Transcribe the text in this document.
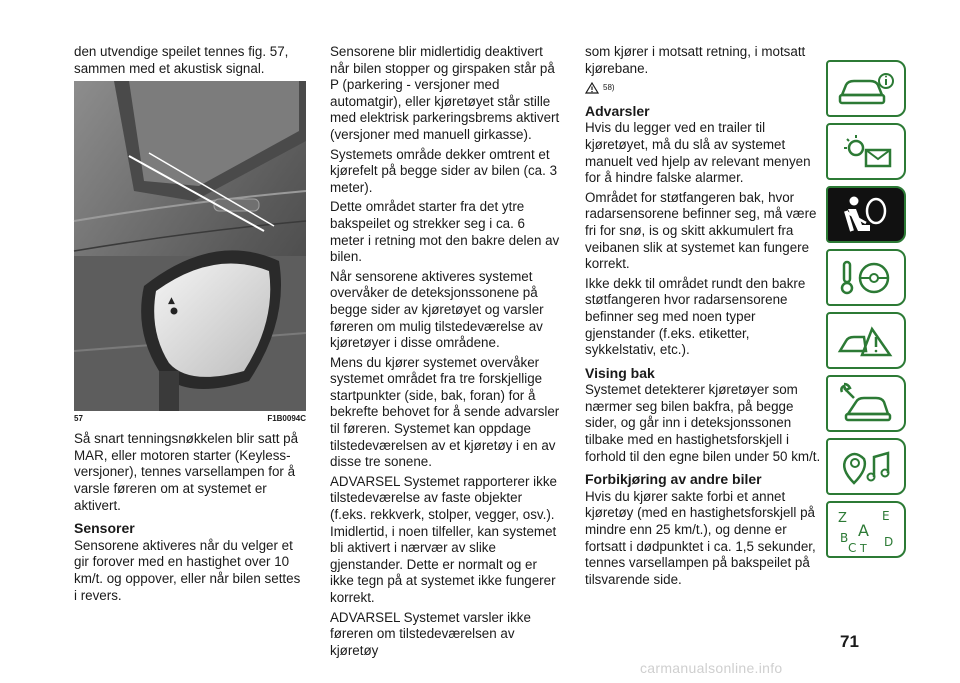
den utvendige speilet tennes fig. 57, sammen med et akustisk signal.

▲
57	F1B0094C

Så snart tenningsnøkkelen blir satt på MAR, eller motoren starter (Keyless-versjoner), tennes varsellampen for å varsle føreren om at systemet er aktivert.

Sensorer

Sensorene aktiveres når du velger et gir forover med en hastighet over 10 km/t. og oppover, eller når bilen settes i revers.

Sensorene blir midlertidig deaktivert når bilen stopper og girspaken står på P (parkering - versjoner med automatgir), eller kjøretøyet står stille med elektrisk parkeringsbrems aktivert (versjoner med manuell girkasse).

Systemets område dekker omtrent et kjørefelt på begge sider av bilen (ca. 3 meter).

Dette området starter fra det ytre bakspeilet og strekker seg i ca. 6 meter i retning mot den bakre delen av bilen.

Når sensorene aktiveres systemet overvåker de deteksjonssonene på begge sider av kjøretøyet og varsler føreren om mulig tilstedeværelse av kjøretøyer i disse områdene.

Mens du kjører systemet overvåker systemet området fra tre forskjellige startpunkter (side, bak, foran) for å bekrefte behovet for å sende advarsler til føreren. Systemet kan oppdage tilstedeværelsen av et kjøretøy i en av disse tre sonene.

ADVARSEL Systemet rapporterer ikke tilstedeværelse av faste objekter (f.eks. rekkverk, stolper, vegger, osv.). Imidlertid, i noen tilfeller, kan systemet bli aktivert i nærvær av slike gjenstander. Dette er normalt og er ikke tegn på at systemet ikke fungerer korrekt.

ADVARSEL Systemet varsler ikke føreren om tilstedeværelsen av kjøretøy

som kjører i motsatt retning, i motsatt kjørebane.

58)
Advarsler

Hvis du legger ved en trailer til kjøretøyet, må du slå av systemet manuelt ved hjelp av relevant menyen for å hindre falske alarmer.

Området for støtfangeren bak, hvor radarsensorene befinner seg, må være fri for snø, is og skitt akkumulert fra veibanen slik at systemet kan fungere korrekt.

Ikke dekk til området rundt den bakre støtfangeren hvor radarsensorene befinner seg med noen typer gjenstander (f.eks. etiketter, sykkelstativ, etc.).

Vising bak

Systemet detekterer kjøretøyer som nærmer seg bilen bakfra, på begge sider, og går inn i deteksjonssonen tilbake med en hastighetsforskjell i forhold til den egne bilen under 50 km/t.

Forbikjøring av andre biler

Hvis du kjører sakte forbi et annet kjøretøy (med en hastighetsforskjell på mindre enn 25 km/t.), og denne er fortsatt i dødpunktet i ca. 1,5 sekunder, tennes varsellampen på bakspeilet på tilsvarende side.

Z	E
A
B
C T D
71
carmanualsonline.info
